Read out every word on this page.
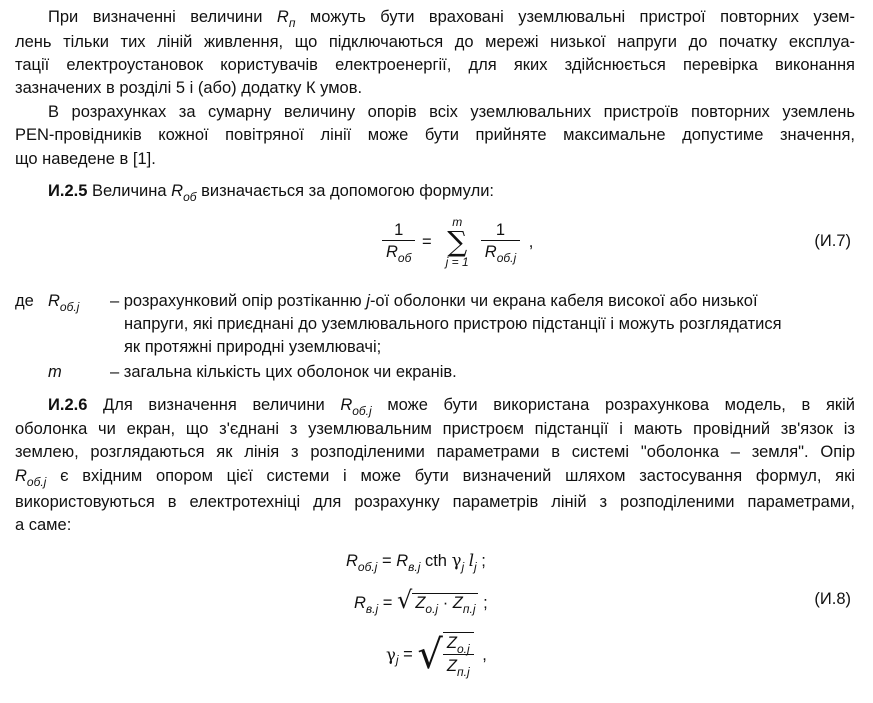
При визначенні величини $R_п$ можуть бути враховані уземлювальні пристрої повторних узем-
лень тільки тих ліній живлення, що підключаються до мережі низької напруги до початку експлуа-
тації електроустановок користувачів електроенергії, для яких здійснюється перевірка виконання
зазначених в розділі 5 і (або) додатку К умов.
В розрахунках за сумарну величину опорів всіх уземлювальних пристроїв повторних уземлень
PEN-провідників кожної повітряної лінії може бути прийняте максимальне допустиме значення,
що наведене в [1].
И.2.5 Величина $R_{об}$ визначається за допомогою формули:
$\frac{1}{R_{об}}$ =
m
∑
j = 1
$\frac{1}{R_{об.j}}$ ,	(И.7)
де $R_{об.j}$ – розрахунковий опір розтіканню j-ої оболонки чи екрана кабеля високої або низької
напруги, які приєднані до уземлювального пристрою підстанції і можуть розглядатися
як протяжні природні уземлювачі;
m	– загальна кількість цих оболонок чи екранів.
И.2.6 Для визначення величини $R_{об.j}$ може бути використана розрахункова модель, в якій
оболонка чи екран, що з'єднані з уземлювальним пристроєм підстанції і мають провідний зв'язок із
землею, розглядаються як лінія з розподіленими параметрами в системі "оболонка – земля". Опір
$R_{об.j}$ є вхідним опором цієї системи і може бути визначений шляхом застосування формул, які
використовуються в електротехніці для розрахунку параметрів ліній з розподіленими параметрами,
а саме:
$R_{об.j} = R_{в.j}$ cth $\gamma_j$ $l_j$ ;
$R_{в.j}$ = √ $Z_{о.j} \cdot Z_{п.j}$ ;	(И.8)
$\gamma_j$ = √ $\frac{Z_{о.j}}{Z_{п.j}}$ ,
